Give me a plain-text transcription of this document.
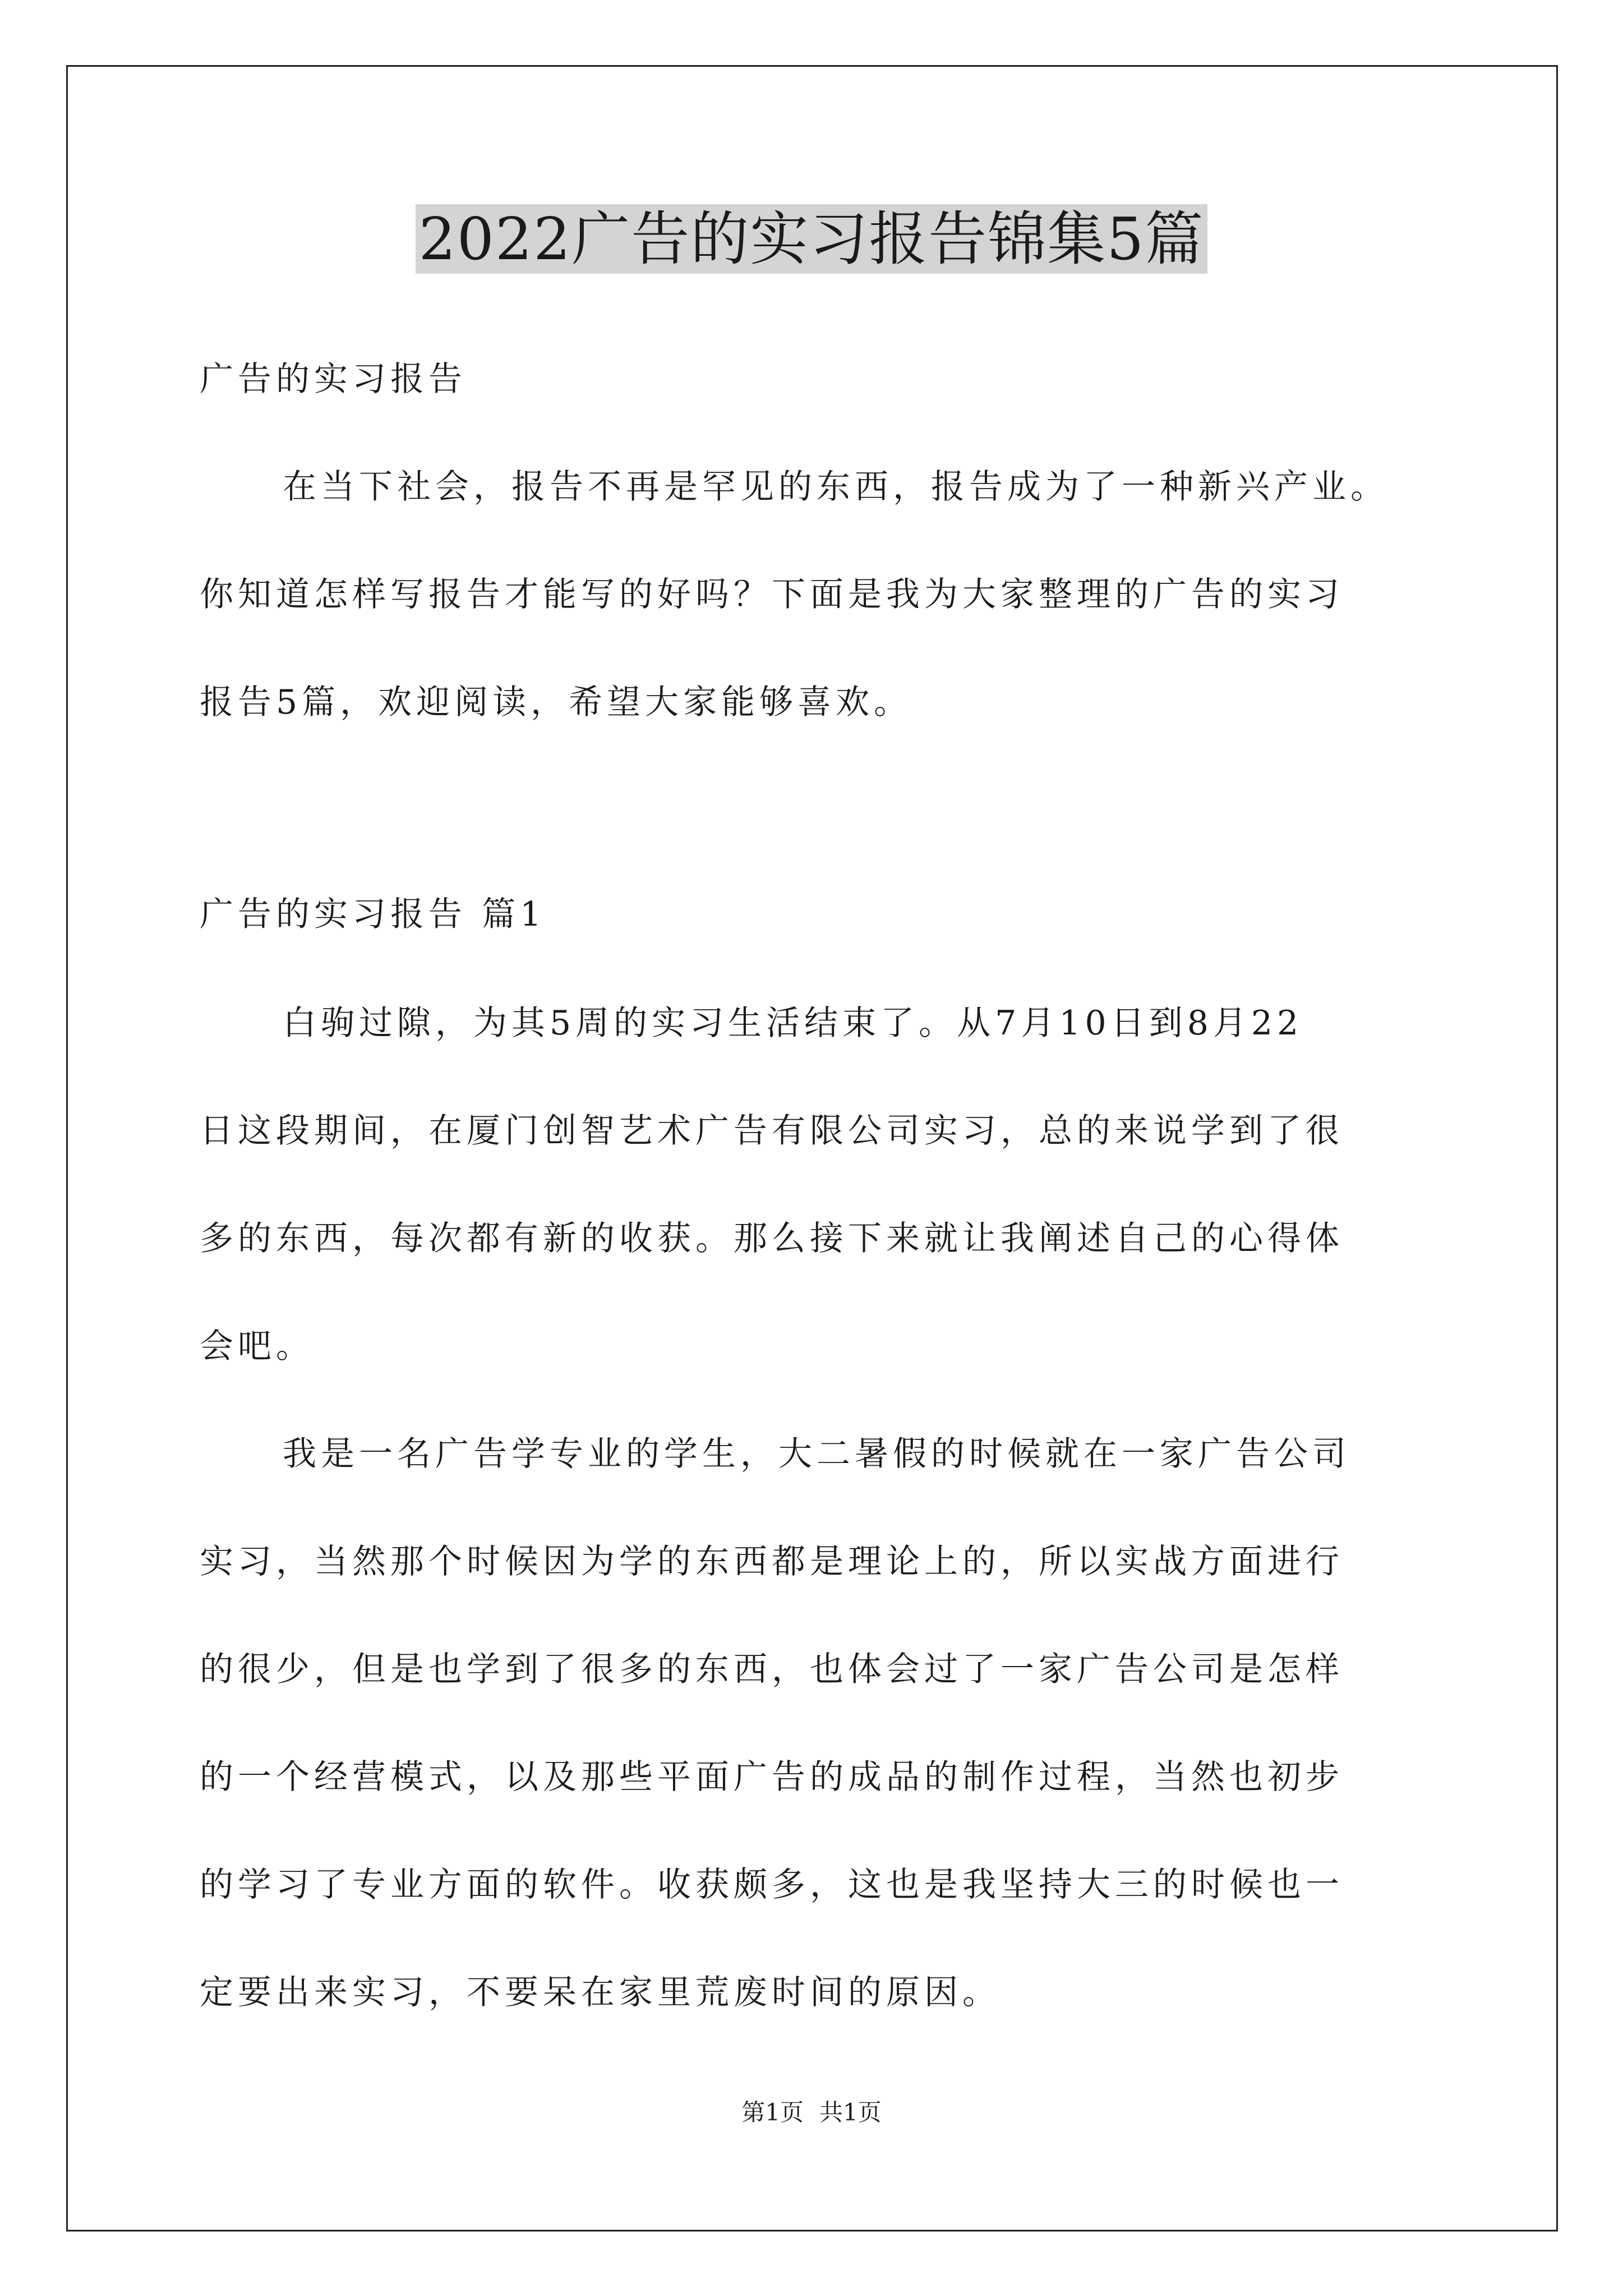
2022广告的实习报告锦集5篇
广告的实习报告
在当下社会，报告不再是罕见的东西，报告成为了一种新兴产业。
你知道怎样写报告才能写的好吗？下面是我为大家整理的广告的实习
报告5篇，欢迎阅读，希望大家能够喜欢。
广告的实习报告 篇1
白驹过隙，为其5周的实习生活结束了。从7月10日到8月22
日这段期间，在厦门创智艺术广告有限公司实习，总的来说学到了很
多的东西，每次都有新的收获。那么接下来就让我阐述自己的心得体
会吧。
我是一名广告学专业的学生，大二暑假的时候就在一家广告公司
实习，当然那个时候因为学的东西都是理论上的，所以实战方面进行
的很少，但是也学到了很多的东西，也体会过了一家广告公司是怎样
的一个经营模式，以及那些平面广告的成品的制作过程，当然也初步
的学习了专业方面的软件。收获颇多，这也是我坚持大三的时候也一
定要出来实习，不要呆在家里荒废时间的原因。
第1页 共1页
